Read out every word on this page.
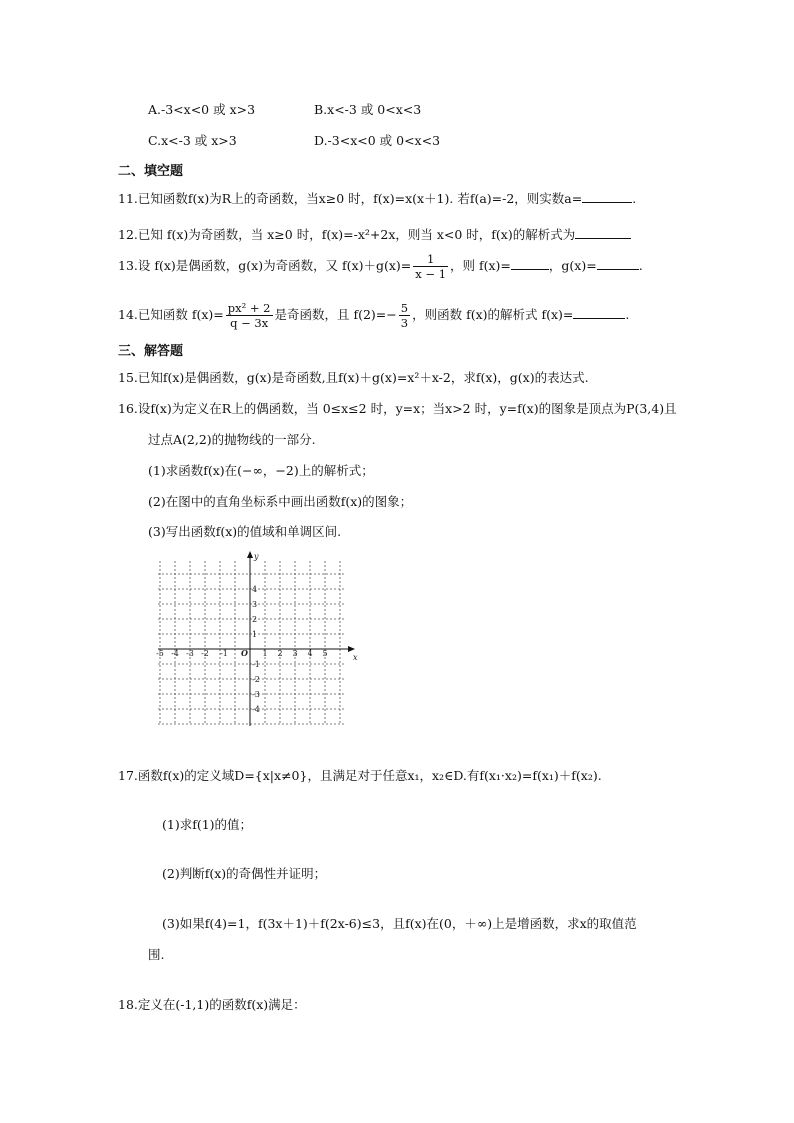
A.-3<x<0 或 x>3	B.x<-3 或 0<x<3
C.x<-3 或 x>3	D.-3<x<0 或 0<x<3
二、填空题
11.已知函数f(x)为R上的奇函数，当x≥0 时，f(x)=x(x＋1). 若f(a)=-2，则实数a=	.
12.已知 f(x)为奇函数，当 x≥0 时，f(x)=-x²+2x，则当 x<0 时，f(x)的解析式为
13.设 f(x)是偶函数，g(x)为奇函数，又 $f(x)+g(x)= \frac{1}{x - 1}$ ，则 f(x)=	，g(x)=	.
14.已知函数 $f(x)= \frac{\text{px² + 2}}{q - 3x}$ 是奇函数，且 $f(2)=- \frac{5}{3}$ ，则函数 f(x)的解析式 f(x)=	.
三、解答题
15.已知f(x)是偶函数，g(x)是奇函数,且f(x)＋g(x)=x²＋x-2，求f(x)，g(x)的表达式.
16.设f(x)为定义在R上的偶函数，当 0≤x≤2 时，y=x；当x>2 时，y=f(x)的图象是顶点为P(3,4)且
过点A(2,2)的抛物线的一部分.
(1)求函数f(x)在(−∞，−2)上的解析式；
(2)在图中的直角坐标系中画出函数f(x)的图象；
(3)写出函数f(x)的值域和单调区间.
-5 -4 -3 -2 -1	1 2 3 4 5
O	x
y
1
2
3
4
-1
-2
-3
-4
17.函数f(x)的定义域D={x|x≠0}，且满足对于任意x₁，x₂∈D.有f(x₁·x₂)=f(x₁)＋f(x₂).
(1)求f(1)的值；
(2)判断f(x)的奇偶性并证明；
(3)如果f(4)=1，f(3x＋1)＋f(2x-6)≤3，且f(x)在(0，＋∞)上是增函数，求x的取值范
围.
18.定义在(-1,1)的函数f(x)满足：
